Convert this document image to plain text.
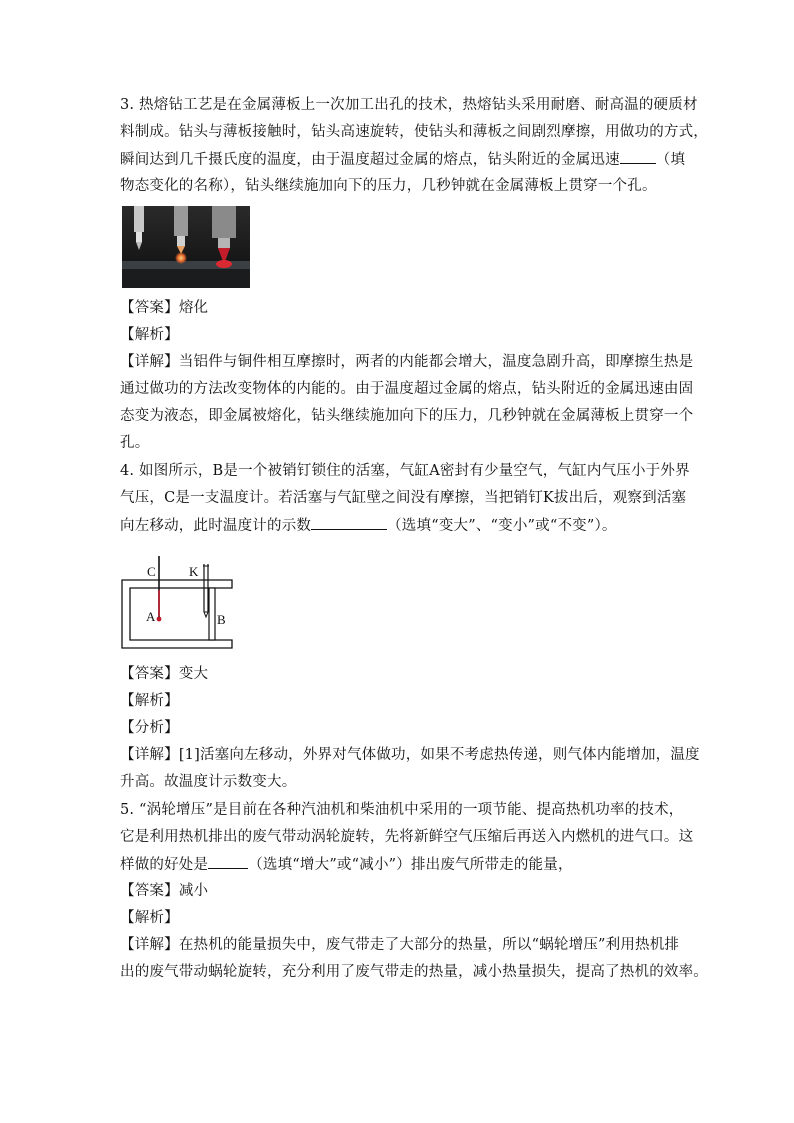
3. 热熔钻工艺是在金属薄板上一次加工出孔的技术，热熔钻头采用耐磨、耐高温的硬质材
料制成。钻头与薄板接触时，钻头高速旋转，使钻头和薄板之间剧烈摩擦，用做功的方式，
瞬间达到几千摄氏度的温度，由于温度超过金属的熔点，钻头附近的金属迅速 （填
物态变化的名称），钻头继续施加向下的压力，几秒钟就在金属薄板上贯穿一个孔。
【答案】熔化
【解析】
【详解】当铝件与铜件相互摩擦时，两者的内能都会增大，温度急剧升高，即摩擦生热是
通过做功的方法改变物体的内能的。由于温度超过金属的熔点，钻头附近的金属迅速由固
态变为液态，即金属被熔化，钻头继续施加向下的压力，几秒钟就在金属薄板上贯穿一个
孔。
4. 如图所示，B是一个被销钉锁住的活塞，气缸A密封有少量空气，气缸内气压小于外界
气压，C是一支温度计。若活塞与气缸壁之间没有摩擦，当把销钉K拔出后，观察到活塞
向左移动，此时温度计的示数	（选填“变大”、“变小”或“不变”）。
C	K
A	B
【答案】变大
【解析】
【分析】
【详解】[1]活塞向左移动，外界对气体做功，如果不考虑热传递，则气体内能增加，温度
升高。故温度计示数变大。
5. “涡轮增压”是目前在各种汽油机和柴油机中采用的一项节能、提高热机功率的技术，
它是利用热机排出的废气带动涡轮旋转，先将新鲜空气压缩后再送入内燃机的进气口。这
样做的好处是	（选填“增大”或“减小”）排出废气所带走的能量，
【答案】减小
【解析】
【详解】在热机的能量损失中，废气带走了大部分的热量，所以“蜗轮增压”利用热机排
出的废气带动蜗轮旋转，充分利用了废气带走的热量，减小热量损失，提高了热机的效率。
